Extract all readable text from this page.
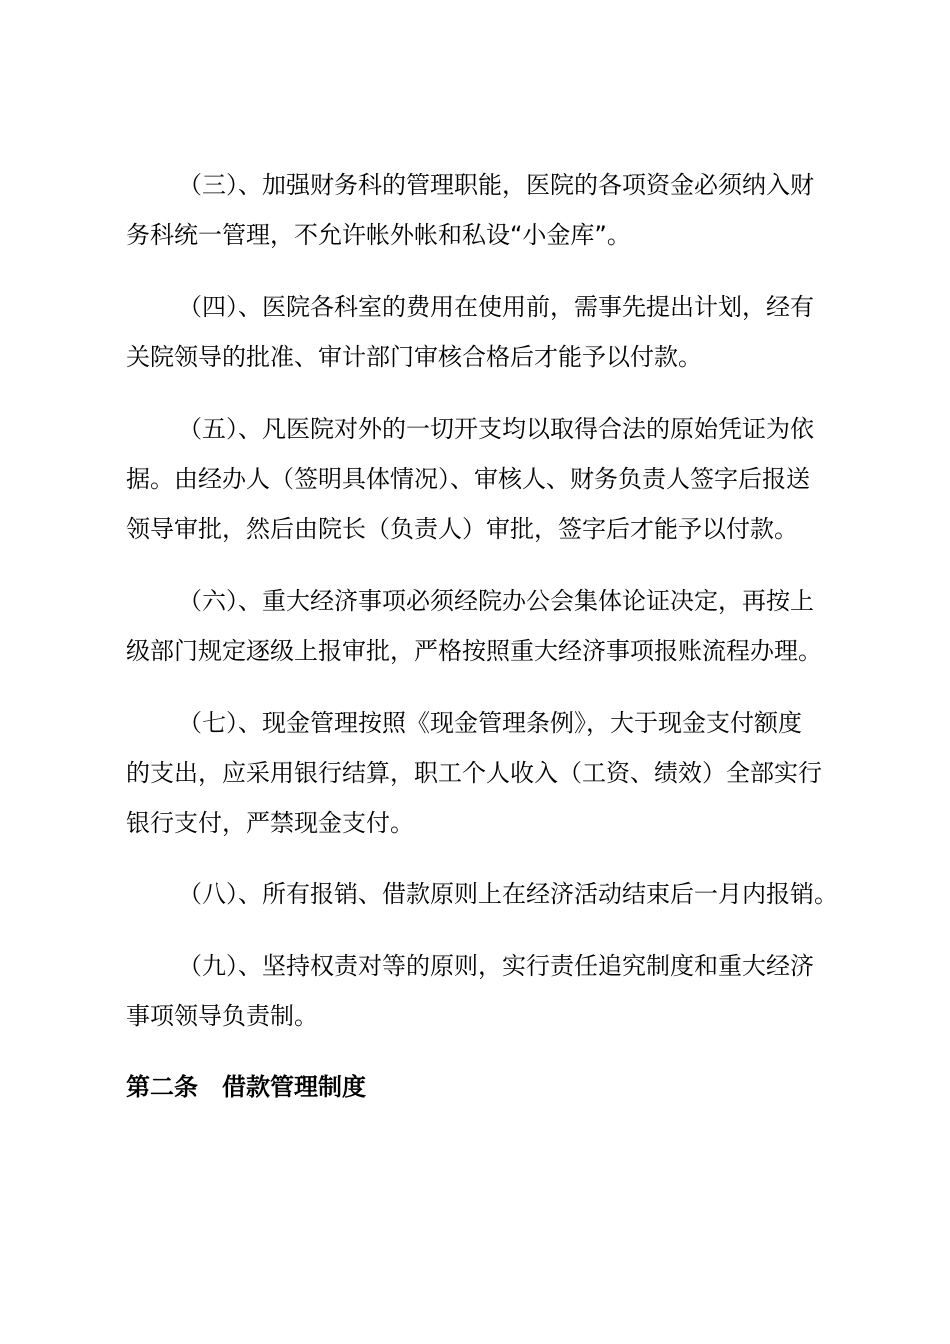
（三）、加强财务科的管理职能，医院的各项资金必须纳入财
务科统一管理，不允许帐外帐和私设“小金库”。
（四）、医院各科室的费用在使用前，需事先提出计划，经有
关院领导的批准、审计部门审核合格后才能予以付款。
（五）、凡医院对外的一切开支均以取得合法的原始凭证为依
据。由经办人（签明具体情况）、审核人、财务负责人签字后报送
领导审批，然后由院长（负责人）审批，签字后才能予以付款。
（六）、重大经济事项必须经院办公会集体论证决定，再按上
级部门规定逐级上报审批，严格按照重大经济事项报账流程办理。
（七）、现金管理按照《现金管理条例》，大于现金支付额度
的支出，应采用银行结算，职工个人收入（工资、绩效）全部实行
银行支付，严禁现金支付。
（八）、所有报销、借款原则上在经济活动结束后一月内报销。
（九）、坚持权责对等的原则，实行责任追究制度和重大经济
事项领导负责制。
第二条　借款管理制度
